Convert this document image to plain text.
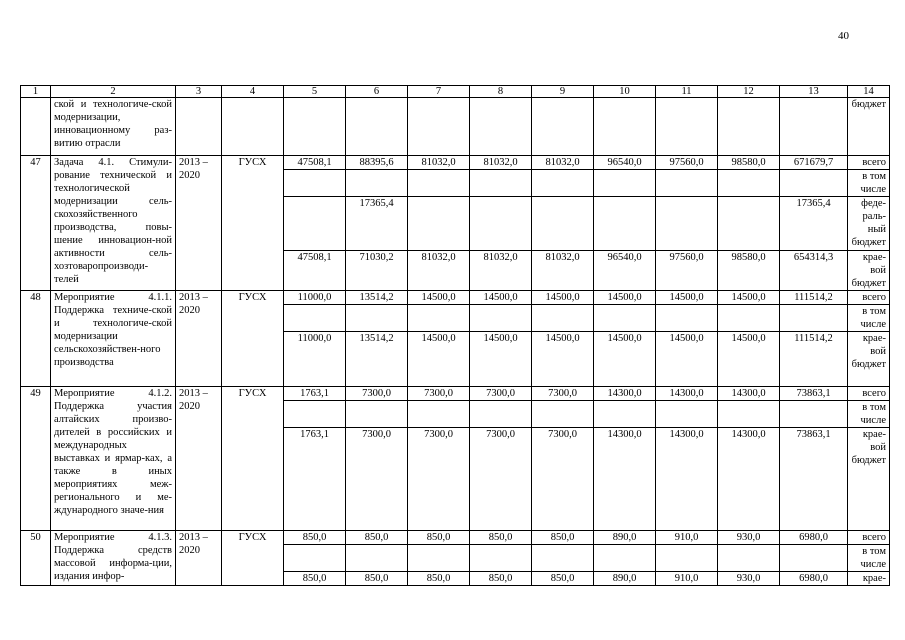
40
1	2	3	4	5	6	7	8	9	10	11	12	13	14
	ской и технологиче-ской модернизации, инновационному раз-витию отрасли												бюджет
47	Задача 4.1. Стимули-рование технической и технологической модернизации сель-скохозяйственного производства, повы-шение инновацион-ной активности сель-хозтоваропроизводи-телей	2013 – 2020	ГУСХ	47508,1	88395,6	81032,0	81032,0	81032,0	96540,0	97560,0	98580,0	671679,7	всего
													в том числе
					17365,4							17365,4	феде-раль-ный бюджет
				47508,1	71030,2	81032,0	81032,0	81032,0	96540,0	97560,0	98580,0	654314,3	крае-вой бюджет
48	Мероприятие 4.1.1. Поддержка техниче-ской и технологиче-ской модернизации сельскохозяйствен-ного производства	2013 – 2020	ГУСХ	11000,0	13514,2	14500,0	14500,0	14500,0	14500,0	14500,0	14500,0	111514,2	всего
													в том числе
				11000,0	13514,2	14500,0	14500,0	14500,0	14500,0	14500,0	14500,0	111514,2	крае-вой бюджет
49	Мероприятие 4.1.2. Поддержка участия алтайских произво-дителей в российских и международных выставках и ярмар-ках, а также в иных мероприятиях меж-регионального и ме-ждународного значе-ния	2013 – 2020	ГУСХ	1763,1	7300,0	7300,0	7300,0	7300,0	14300,0	14300,0	14300,0	73863,1	всего
													в том числе
				1763,1	7300,0	7300,0	7300,0	7300,0	14300,0	14300,0	14300,0	73863,1	крае-вой бюджет
50	Мероприятие 4.1.3. Поддержка средств массовой информа-ции, издания инфор-	2013 – 2020	ГУСХ	850,0	850,0	850,0	850,0	850,0	890,0	910,0	930,0	6980,0	всего
													в том числе
				850,0	850,0	850,0	850,0	850,0	890,0	910,0	930,0	6980,0	крае-
